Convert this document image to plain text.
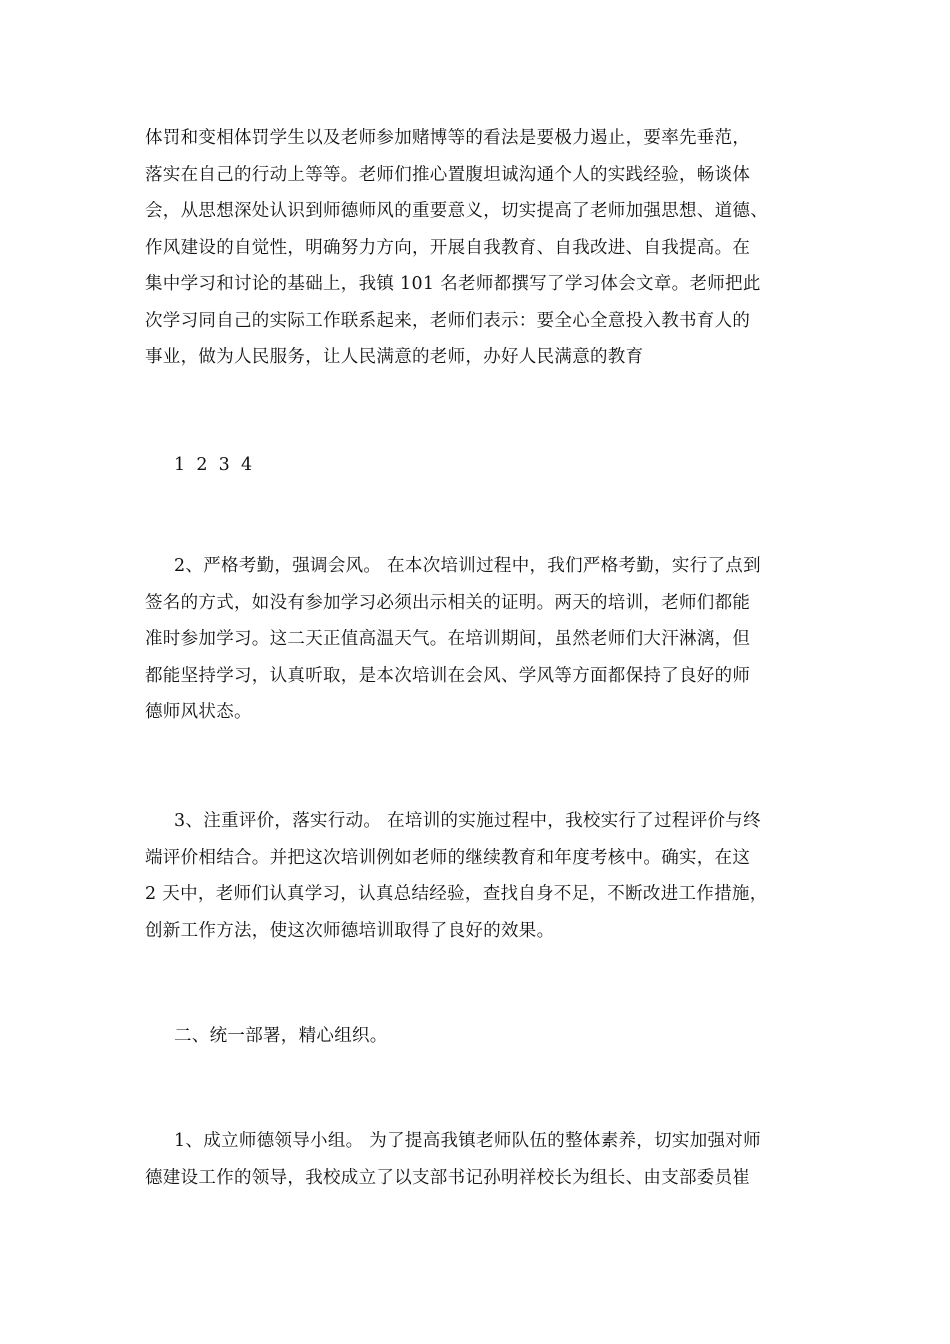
体罚和变相体罚学生以及老师参加赌博等的看法是要极力遏止，要率先垂范，
落实在自己的行动上等等。老师们推心置腹坦诚沟通个人的实践经验，畅谈体
会，从思想深处认识到师德师风的重要意义，切实提高了老师加强思想、道德、
作风建设的自觉性，明确努力方向，开展自我教育、自我改进、自我提高。在
集中学习和讨论的基础上，我镇 101 名老师都撰写了学习体会文章。老师把此
次学习同自己的实际工作联系起来，老师们表示：要全心全意投入教书育人的
事业，做为人民服务，让人民满意的老师，办好人民满意的教育
1 2 3 4
2、严格考勤，强调会风。 在本次培训过程中，我们严格考勤，实行了点到
签名的方式，如没有参加学习必须出示相关的证明。两天的培训，老师们都能
准时参加学习。这二天正值高温天气。在培训期间，虽然老师们大汗淋漓，但
都能坚持学习，认真听取，是本次培训在会风、学风等方面都保持了良好的师
德师风状态。
3、注重评价，落实行动。 在培训的实施过程中，我校实行了过程评价与终
端评价相结合。并把这次培训例如老师的继续教育和年度考核中。确实，在这
2 天中，老师们认真学习，认真总结经验，查找自身不足，不断改进工作措施，
创新工作方法，使这次师德培训取得了良好的效果。
二、统一部署，精心组织。
1、成立师德领导小组。 为了提高我镇老师队伍的整体素养，切实加强对师
德建设工作的领导，我校成立了以支部书记孙明祥校长为组长、由支部委员崔
